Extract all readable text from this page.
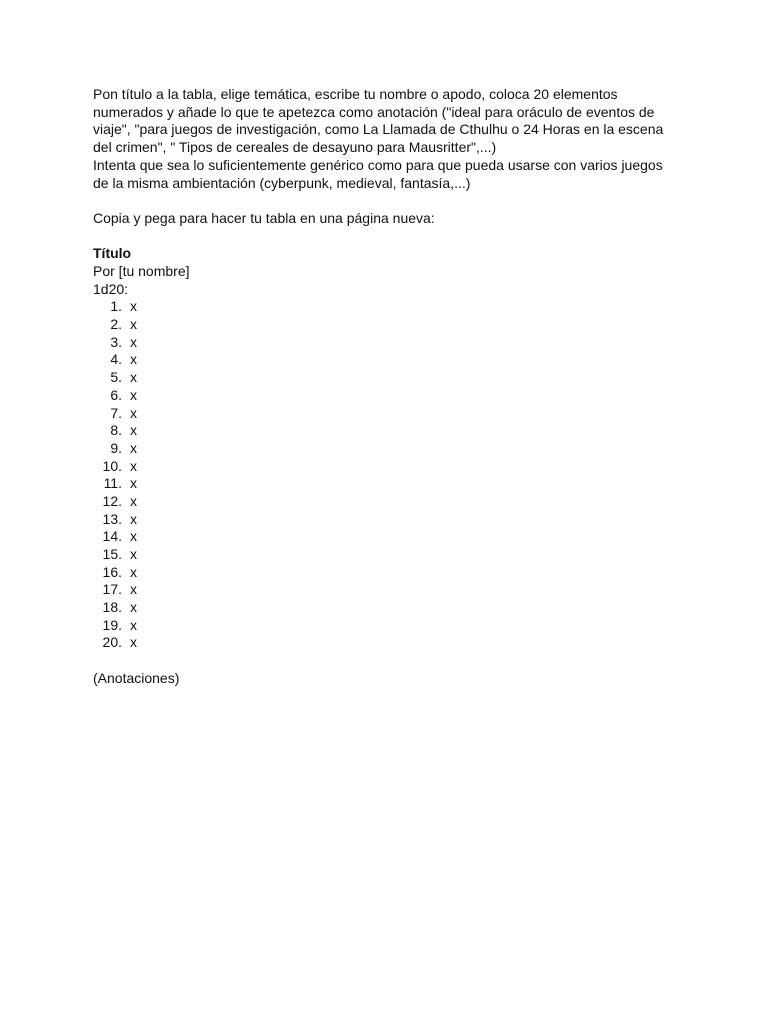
Pon título a la tabla, elige temática, escribe tu nombre o apodo, coloca 20 elementos

numerados y añade lo que te apetezca como anotación ("ideal para oráculo de eventos de

viaje", "para juegos de investigación, como La Llamada de Cthulhu o 24 Horas en la escena

del crimen", " Tipos de cereales de desayuno para Mausritter",...)

Intenta que sea lo suficientemente genérico como para que pueda usarse con varios juegos

de la misma ambientación (cyberpunk, medieval, fantasía,...)

Copia y pega para hacer tu tabla en una página nueva:

Título

Por [tu nombre]

1d20:

1. x
2. x
3. x
4. x
5. x
6. x
7. x
8. x
9. x
10. x
11. x
12. x
13. x
14. x
15. x
16. x
17. x
18. x
19. x
20. x

(Anotaciones)
